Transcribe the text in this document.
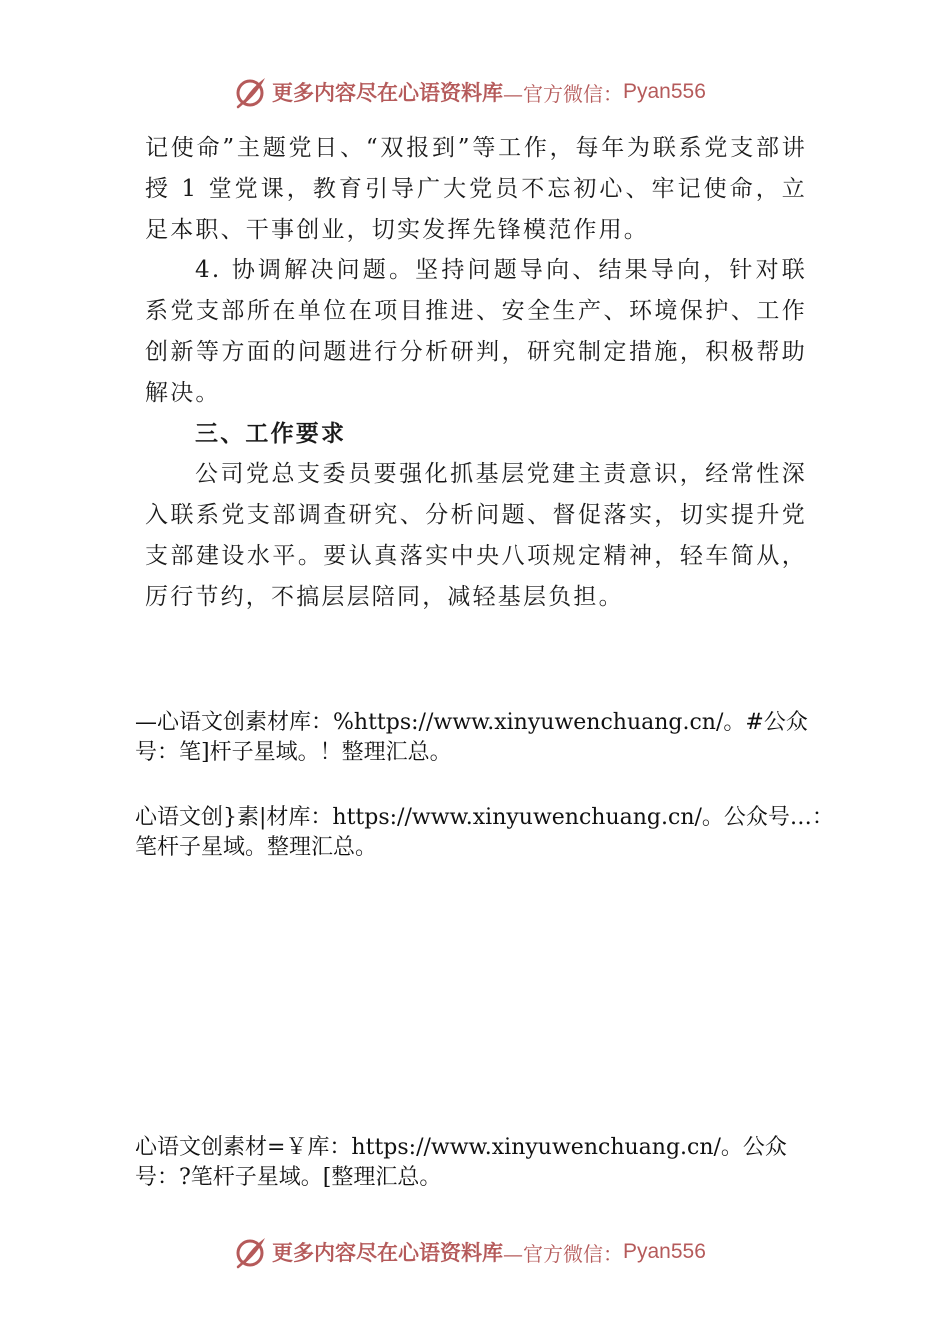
更多内容尽在心语资料库 —官方微信： Pyan556

记使命”主题党日、“双报到”等工作，每年为联系党支部讲授 1 堂党课，教育引导广大党员不忘初心、牢记使命，立足本职、干事创业，切实发挥先锋模范作用。

4. 协调解决问题。坚持问题导向、结果导向，针对联系党支部所在单位在项目推进、安全生产、环境保护、工作创新等方面的问题进行分析研判，研究制定措施，积极帮助解决。

三、工作要求

公司党总支委员要强化抓基层党建主责意识，经常性深入联系党支部调查研究、分析问题、督促落实，切实提升党支部建设水平。要认真落实中央八项规定精神，轻车简从，厉行节约，不搞层层陪同，减轻基层负担。

—心语文创素材库：%https://www.xinyuwenchuang.cn/。#公众号：笔]杆子星域。！整理汇总。
心语文创}素|材库：https://www.xinyuwenchuang.cn/。公众号…：笔杆子星域。整理汇总。
心语文创素材=￥库：https://www.xinyuwenchuang.cn/。公众号：?笔杆子星域。[整理汇总。
更多内容尽在心语资料库 —官方微信： Pyan556
